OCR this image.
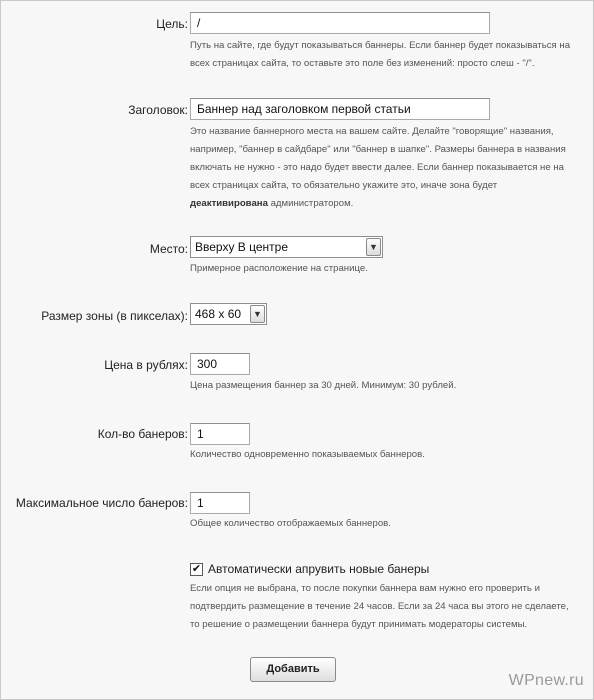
Цель:
/
Путь на сайте, где будут показываться баннеры. Если баннер будет показываться на всех страницах сайта, то оставьте это поле без изменений: просто слеш - "/".
Заголовок:
Баннер над заголовком первой статьи
Это название баннерного места на вашем сайте. Делайте "говорящие" названия, например, "баннер в сайдбаре" или "баннер в шапке". Размеры баннера в названия включать не нужно - это надо будет ввести далее. Если баннер показывается не на всех страницах сайта, то обязательно укажите это, иначе зона будет деактивирована администратором.
Место: Вверху В центре	▼
Примерное расположение на странице.
Размер зоны (в пикселах): 468 x 60	▼
Цена в рублях:
300
Цена размещения баннер за 30 дней. Минимум: 30 рублей.
Кол-во банеров:
1
Количество одновременно показываемых баннеров.
Максимальное число банеров:
1
Общее количество отображаемых баннеров.
✔ Автоматически апрувить новые банеры
Если опция не выбрана, то после покупки баннера вам нужно его проверить и подтвердить размещение в течение 24 часов. Если за 24 часа вы этого не сделаете, то решение о размещении баннера будут принимать модераторы системы.
Добавить
WPnew.ru
